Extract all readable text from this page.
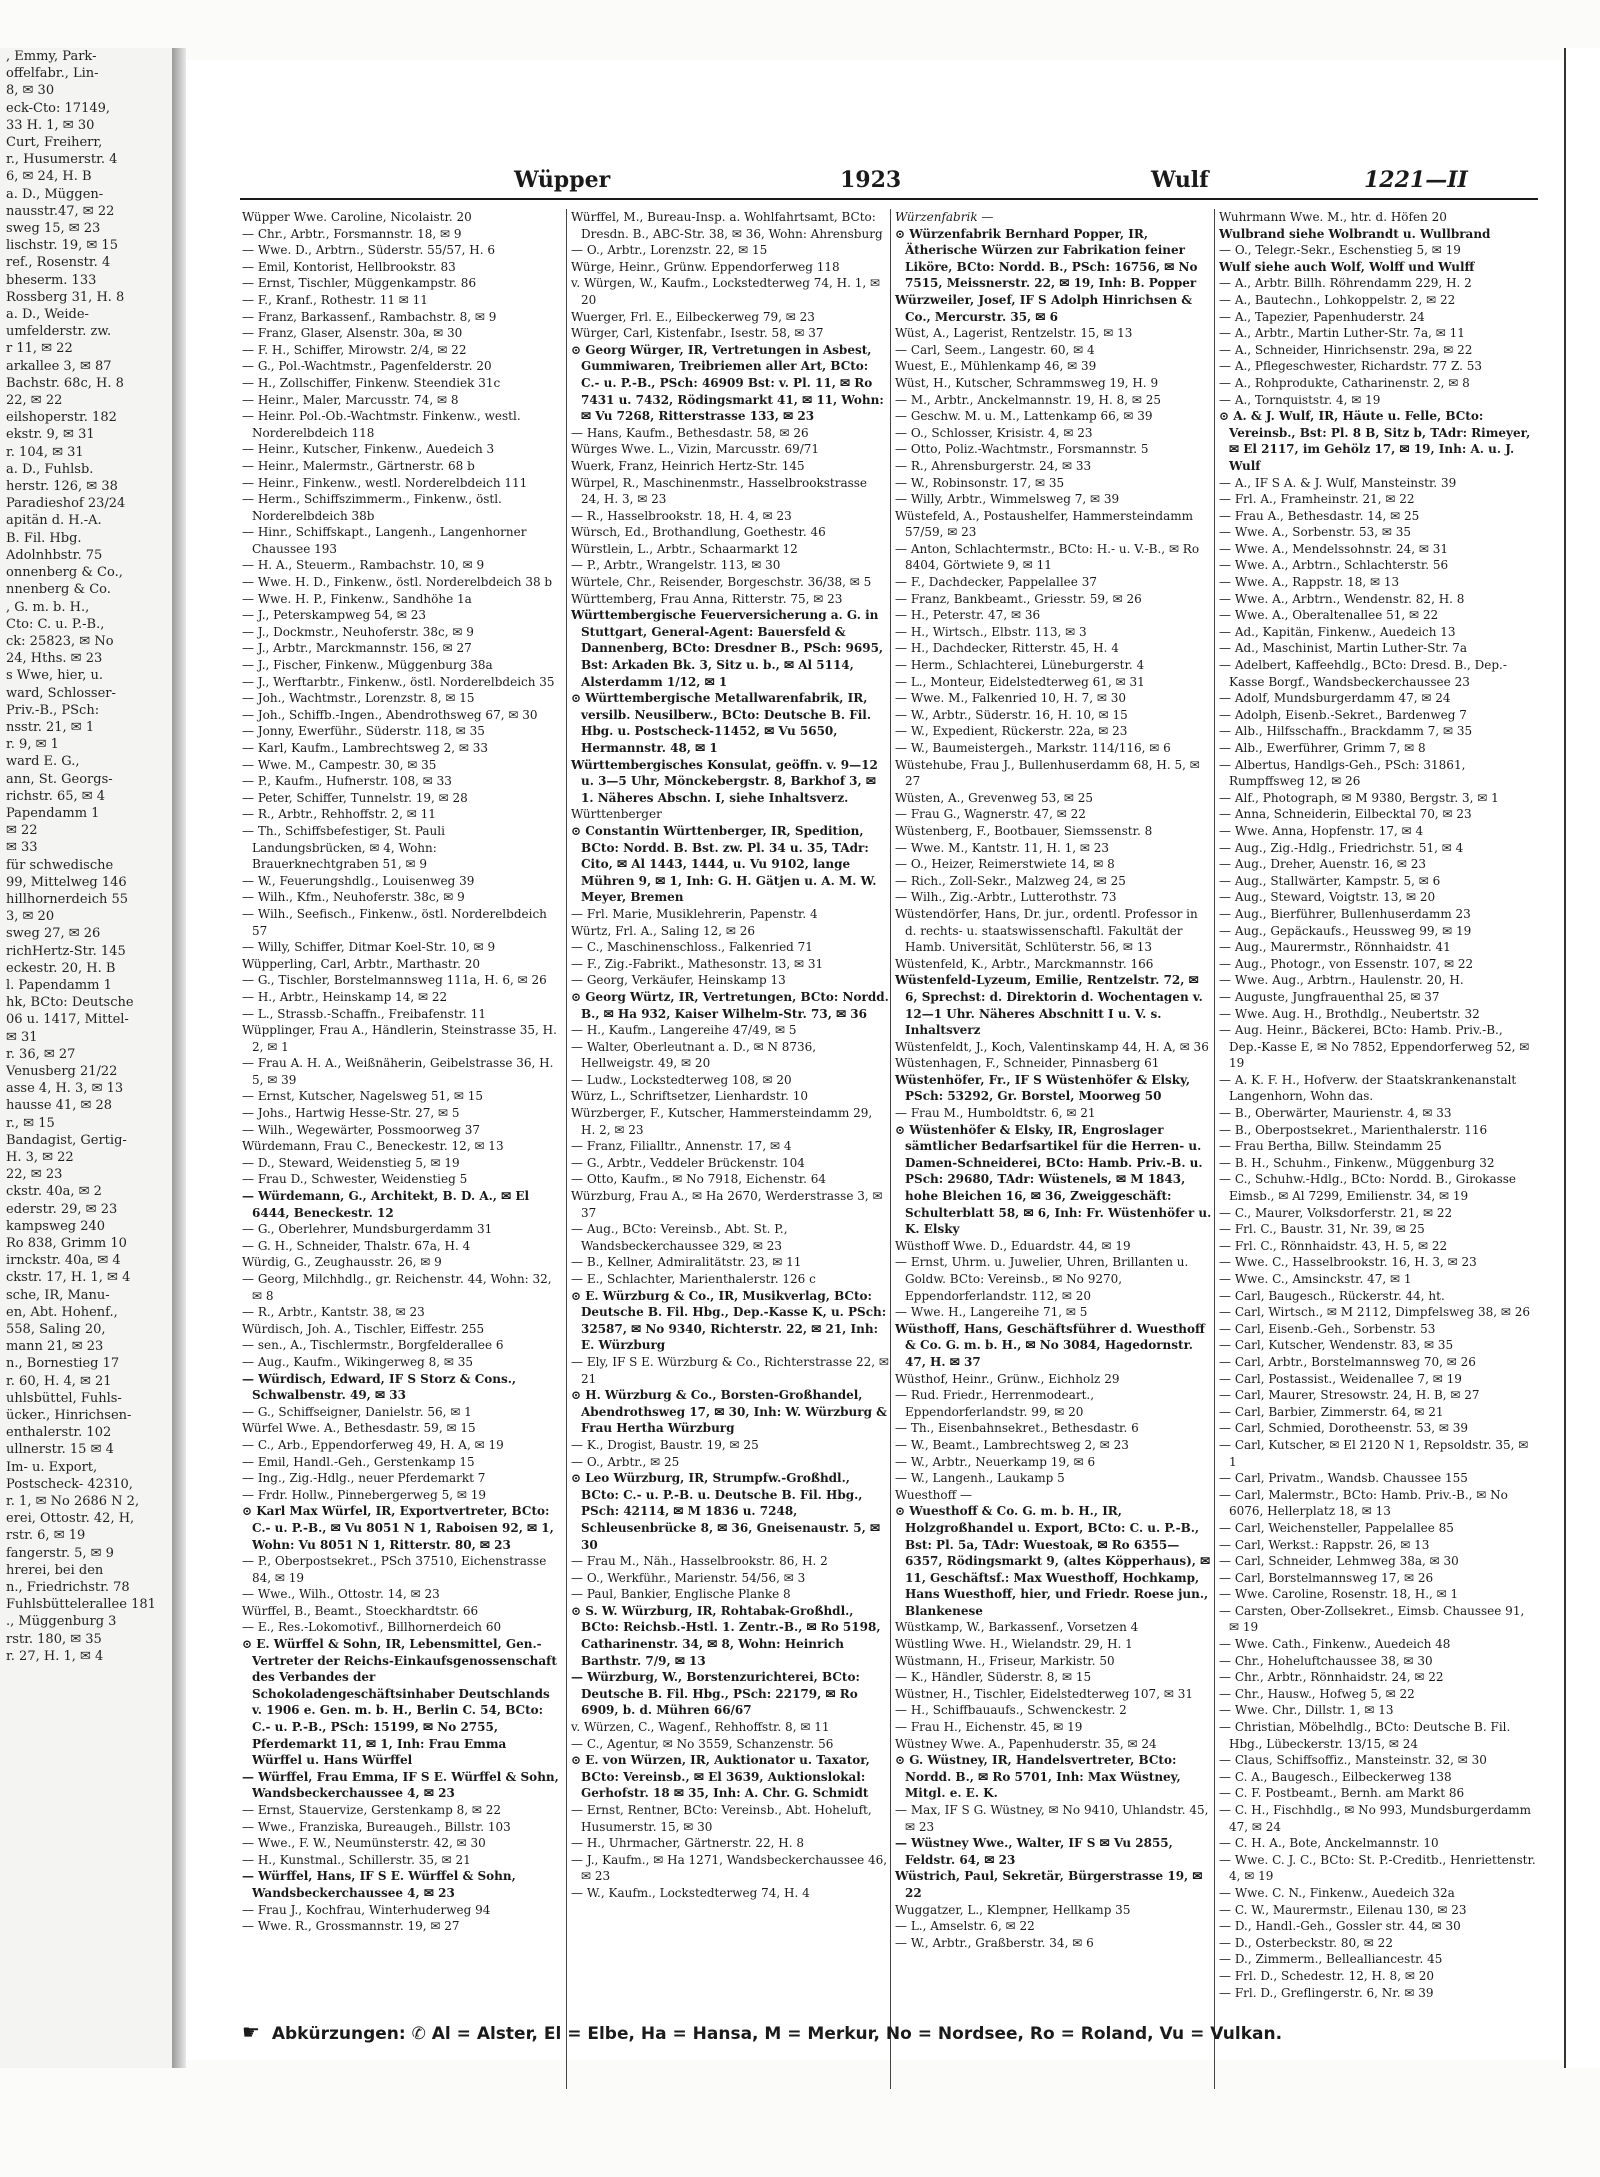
, Emmy, Park-
offelfabr., Lin-
8, ✉ 30
eck-Cto: 17149,
33 H. 1, ✉ 30
Curt, Freiherr,
r., Husumerstr. 4
6, ✉ 24, H. B
a. D., Müggen-
nausstr.47, ✉ 22
sweg 15, ✉ 23
lischstr. 19, ✉ 15
ref., Rosenstr. 4
bheserm. 133
Rossberg 31, H. 8
a. D., Weide-
umfelderstr. zw.
r 11, ✉ 22
arkallee 3, ✉ 87
Bachstr. 68c, H. 8
22, ✉ 22
eilshoperstr. 182
ekstr. 9, ✉ 31
r. 104, ✉ 31
a. D., Fuhlsb.
herstr. 126, ✉ 38
Paradieshof 23/24
apitän d. H.-A.
B. Fil. Hbg.
Adolnhbstr. 75
onnenberg & Co.,
nnenberg & Co.
, G. m. b. H.,
Cto: C. u. P.-B.,
ck: 25823, ✉ No
24, Hths. ✉ 23
s Wwe, hier, u.
ward, Schlosser-
Priv.-B., PSch:
nsstr. 21, ✉ 1
r. 9, ✉ 1
ward E. G.,
ann, St. Georgs-
richstr. 65, ✉ 4
Papendamm 1
✉ 22
✉ 33
für schwedische
99, Mittelweg 146
hillhornerdeich 55
3, ✉ 20
sweg 27, ✉ 26
richHertz-Str. 145
eckestr. 20, H. B
l. Papendamm 1
hk, BCto: Deutsche
06 u. 1417, Mittel-
✉ 31
r. 36, ✉ 27
Venusberg 21/22
asse 4, H. 3, ✉ 13
hausse 41, ✉ 28
r., ✉ 15
Bandagist, Gertig-
H. 3, ✉ 22
22, ✉ 23
ckstr. 40a, ✉ 2
ederstr. 29, ✉ 23
kampsweg 240
Ro 838, Grimm 10
irnckstr. 40a, ✉ 4
ckstr. 17, H. 1, ✉ 4
sche, IR, Manu-
en, Abt. Hohenf.,
558, Saling 20,
mann 21, ✉ 23
n., Bornestieg 17
r. 60, H. 4, ✉ 21
uhlsbüttel, Fuhls-
ücker., Hinrichsen-
enthalerstr. 102
ullnerstr. 15 ✉ 4
Im- u. Export,
Postscheck- 42310,
r. 1, ✉ No 2686 N 2,
erei, Ottostr. 42, H,
rstr. 6, ✉ 19
fangerstr. 5, ✉ 9
hrerei, bei den
n., Friedrichstr. 78
Fuhlsbüttelerallee 181
., Müggenburg 3
rstr. 180, ✉ 35
r. 27, H. 1, ✉ 4
Wüpper	1923	Wulf	1221—II
Wüpper Wwe. Caroline, Nicolaistr. 20
— Chr., Arbtr., Forsmannstr. 18, ✉ 9
— Wwe. D., Arbtrn., Süderstr. 55/57, H. 6
— Emil, Kontorist, Hellbrookstr. 83
— Ernst, Tischler, Müggenkampstr. 86
— F., Kranf., Rothestr. 11 ✉ 11
— Franz, Barkassenf., Rambachstr. 8, ✉ 9
— Franz, Glaser, Alsenstr. 30a, ✉ 30
— F. H., Schiffer, Mirowstr. 2/4, ✉ 22
— G., Pol.-Wachtmstr., Pagenfelderstr. 20
— H., Zollschiffer, Finkenw. Steendiek 31c
— Heinr., Maler, Marcusstr. 74, ✉ 8
— Heinr. Pol.-Ob.-Wachtmstr. Finkenw., westl. Norderelbdeich 118
— Heinr., Kutscher, Finkenw., Auedeich 3
— Heinr., Malermstr., Gärtnerstr. 68 b
— Heinr., Finkenw., westl. Norderelbdeich 111
— Herm., Schiffszimmerm., Finkenw., östl. Norderelbdeich 38b
— Hinr., Schiffskapt., Langenh., Langenhorner Chaussee 193
— H. A., Steuerm., Rambachstr. 10, ✉ 9
— Wwe. H. D., Finkenw., östl. Norderelbdeich 38 b
— Wwe. H. P., Finkenw., Sandhöhe 1a
— J., Peterskampweg 54, ✉ 23
— J., Dockmstr., Neuhoferstr. 38c, ✉ 9
— J., Arbtr., Marckmannstr. 156, ✉ 27
— J., Fischer, Finkenw., Müggenburg 38a
— J., Werftarbtr., Finkenw., östl. Norderelbdeich 35
— Joh., Wachtmstr., Lorenzstr. 8, ✉ 15
— Joh., Schiffb.-Ingen., Abendrothsweg 67, ✉ 30
— Jonny, Ewerführ., Süderstr. 118, ✉ 35
— Karl, Kaufm., Lambrechtsweg 2, ✉ 33
— Wwe. M., Campestr. 30, ✉ 35
— P., Kaufm., Hufnerstr. 108, ✉ 33
— Peter, Schiffer, Tunnelstr. 19, ✉ 28
— R., Arbtr., Rehhoffstr. 2, ✉ 11
— Th., Schiffsbefestiger, St. Pauli Landungsbrücken, ✉ 4, Wohn: Brauerknechtgraben 51, ✉ 9
— W., Feuerungshdlg., Louisenweg 39
— Wilh., Kfm., Neuhoferstr. 38c, ✉ 9
— Wilh., Seefisch., Finkenw., östl. Norderelbdeich 57
— Willy, Schiffer, Ditmar Koel-Str. 10, ✉ 9
Wüpperling, Carl, Arbtr., Marthastr. 20
— G., Tischler, Borstelmannsweg 111a, H. 6, ✉ 26
— H., Arbtr., Heinskamp 14, ✉ 22
— L., Strassb.-Schaffn., Freibafenstr. 11
Wüpplinger, Frau A., Händlerin, Steinstrasse 35, H. 2, ✉ 1
— Frau A. H. A., Weißnäherin, Geibelstrasse 36, H. 5, ✉ 39
— Ernst, Kutscher, Nagelsweg 51, ✉ 15
— Johs., Hartwig Hesse-Str. 27, ✉ 5
— Wilh., Wegewärter, Possmoorweg 37
Würdemann, Frau C., Beneckestr. 12, ✉ 13
— D., Steward, Weidenstieg 5, ✉ 19
— Frau D., Schwester, Weidenstieg 5
— Würdemann, G., Architekt, B. D. A., ✉ El 6444, Beneckestr. 12
— G., Oberlehrer, Mundsburgerdamm 31
— G. H., Schneider, Thalstr. 67a, H. 4
Würdig, G., Zeughausstr. 26, ✉ 9
— Georg, Milchhdlg., gr. Reichenstr. 44, Wohn: 32, ✉ 8
— R., Arbtr., Kantstr. 38, ✉ 23
Würdisch, Joh. A., Tischler, Eiffestr. 255
— sen., A., Tischlermstr., Borgfelderallee 6
— Aug., Kaufm., Wikingerweg 8, ✉ 35
— Würdisch, Edward, IF S Storz & Cons., Schwalbenstr. 49, ✉ 33
— G., Schiffseigner, Danielstr. 56, ✉ 1
Würfel Wwe. A., Bethesdastr. 59, ✉ 15
— C., Arb., Eppendorferweg 49, H. A, ✉ 19
— Emil, Handl.-Geh., Gerstenkamp 15
— Ing., Zig.-Hdlg., neuer Pferdemarkt 7
— Frdr. Hollw., Pinnebergerweg 5, ✉ 19
⊙ Karl Max Würfel, IR, Exportvertreter, BCto: C.- u. P.-B., ✉ Vu 8051 N 1, Raboisen 92, ✉ 1, Wohn: Vu 8051 N 1, Ritterstr. 80, ✉ 23
— P., Oberpostsekret., PSch 37510, Eichenstrasse 84, ✉ 19
— Wwe., Wilh., Ottostr. 14, ✉ 23
Würffel, B., Beamt., Stoeckhardtstr. 66
— E., Res.-Lokomotivf., Billhornerdeich 60
⊙ E. Würffel & Sohn, IR, Lebensmittel, Gen.-Vertreter der Reichs-Einkaufsgenossenschaft des Verbandes der Schokoladengeschäftsinhaber Deutschlands v. 1906 e. Gen. m. b. H., Berlin C. 54, BCto: C.- u. P.-B., PSch: 15199, ✉ No 2755, Pferdemarkt 11, ✉ 1, Inh: Frau Emma Würffel u. Hans Würffel
— Würffel, Frau Emma, IF S E. Würffel & Sohn, Wandsbeckerchaussee 4, ✉ 23
— Ernst, Stauervize, Gerstenkamp 8, ✉ 22
— Wwe., Franziska, Bureaugeh., Billstr. 103
— Wwe., F. W., Neumünsterstr. 42, ✉ 30
— H., Kunstmal., Schillerstr. 35, ✉ 21
— Würffel, Hans, IF S E. Würffel & Sohn, Wandsbeckerchaussee 4, ✉ 23
— Frau J., Kochfrau, Winterhuderweg 94
— Wwe. R., Grossmannstr. 19, ✉ 27
Würffel, M., Bureau-Insp. a. Wohlfahrtsamt, BCto: Dresdn. B., ABC-Str. 38, ✉ 36, Wohn: Ahrensburg
— O., Arbtr., Lorenzstr. 22, ✉ 15
Würge, Heinr., Grünw. Eppendorferweg 118
v. Würgen, W., Kaufm., Lockstedterweg 74, H. 1, ✉ 20
Wuerger, Frl. E., Eilbeckerweg 79, ✉ 23
Würger, Carl, Kistenfabr., Isestr. 58, ✉ 37
⊙ Georg Würger, IR, Vertretungen in Asbest, Gummiwaren, Treibriemen aller Art, BCto: C.- u. P.-B., PSch: 46909 Bst: v. Pl. 11, ✉ Ro 7431 u. 7432, Rödingsmarkt 41, ✉ 11, Wohn: ✉ Vu 7268, Ritterstrasse 133, ✉ 23
— Hans, Kaufm., Bethesdastr. 58, ✉ 26
Würges Wwe. L., Vizin, Marcusstr. 69/71
Wuerk, Franz, Heinrich Hertz-Str. 145
Würpel, R., Maschinenmstr., Hasselbrookstrasse 24, H. 3, ✉ 23
— R., Hasselbrookstr. 18, H. 4, ✉ 23
Würsch, Ed., Brothandlung, Goethestr. 46
Würstlein, L., Arbtr., Schaarmarkt 12
— P., Arbtr., Wrangelstr. 113, ✉ 30
Würtele, Chr., Reisender, Borgeschstr. 36/38, ✉ 5
Württemberg, Frau Anna, Ritterstr. 75, ✉ 23
Württembergische Feuerversicherung a. G. in Stuttgart, General-Agent: Bauersfeld & Dannenberg, BCto: Dresdner B., PSch: 9695, Bst: Arkaden Bk. 3, Sitz u. b., ✉ Al 5114, Alsterdamm 1/12, ✉ 1
⊙ Württembergische Metallwarenfabrik, IR, versilb. Neusilberw., BCto: Deutsche B. Fil. Hbg. u. Postscheck-11452, ✉ Vu 5650, Hermannstr. 48, ✉ 1
Württembergisches Konsulat, geöffn. v. 9—12 u. 3—5 Uhr, Mönckebergstr. 8, Barkhof 3, ✉ 1. Näheres Abschn. I, siehe Inhaltsverz.
Württenberger
⊙ Constantin Württenberger, IR, Spedition, BCto: Nordd. B. Bst. zw. Pl. 34 u. 35, TAdr: Cito, ✉ Al 1443, 1444, u. Vu 9102, lange Mühren 9, ✉ 1, Inh: G. H. Gätjen u. A. M. W. Meyer, Bremen
— Frl. Marie, Musiklehrerin, Papenstr. 4
Würtz, Frl. A., Saling 12, ✉ 26
— C., Maschinenschloss., Falkenried 71
— F., Zig.-Fabrikt., Mathesonstr. 13, ✉ 31
— Georg, Verkäufer, Heinskamp 13
⊙ Georg Würtz, IR, Vertretungen, BCto: Nordd. B., ✉ Ha 932, Kaiser Wilhelm-Str. 73, ✉ 36
— H., Kaufm., Langereihe 47/49, ✉ 5
— Walter, Oberleutnant a. D., ✉ N 8736, Hellweigstr. 49, ✉ 20
— Ludw., Lockstedterweg 108, ✉ 20
Würz, L., Schriftsetzer, Lienhardstr. 10
Würzberger, F., Kutscher, Hammersteindamm 29, H. 2, ✉ 23
— Franz, Filialltr., Annenstr. 17, ✉ 4
— G., Arbtr., Veddeler Brückenstr. 104
— Otto, Kaufm., ✉ No 7918, Eichenstr. 64
Würzburg, Frau A., ✉ Ha 2670, Werderstrasse 3, ✉ 37
— Aug., BCto: Vereinsb., Abt. St. P., Wandsbeckerchaussee 329, ✉ 23
— B., Kellner, Admiralitätstr. 23, ✉ 11
— E., Schlachter, Marienthalerstr. 126 c
⊙ E. Würzburg & Co., IR, Musikverlag, BCto: Deutsche B. Fil. Hbg., Dep.-Kasse K, u. PSch: 32587, ✉ No 9340, Richterstr. 22, ✉ 21, Inh: E. Würzburg
— Ely, IF S E. Würzburg & Co., Richterstrasse 22, ✉ 21
⊙ H. Würzburg & Co., Borsten-Großhandel, Abendrothsweg 17, ✉ 30, Inh: W. Würzburg & Frau Hertha Würzburg
— K., Drogist, Baustr. 19, ✉ 25
— O., Arbtr., ✉ 25
⊙ Leo Würzburg, IR, Strumpfw.-Großhdl., BCto: C.- u. P.-B. u. Deutsche B. Fil. Hbg., PSch: 42114, ✉ M 1836 u. 7248, Schleusenbrücke 8, ✉ 36, Gneisenaustr. 5, ✉ 30
— Frau M., Näh., Hasselbrookstr. 86, H. 2
— O., Werkführ., Marienstr. 54/56, ✉ 3
— Paul, Bankier, Englische Planke 8
⊙ S. W. Würzburg, IR, Rohtabak-Großhdl., BCto: Reichsb.-Hstl. 1. Zentr.-B., ✉ Ro 5198, Catharinenstr. 34, ✉ 8, Wohn: Heinrich Barthstr. 7/9, ✉ 13
— Würzburg, W., Borstenzurichterei, BCto: Deutsche B. Fil. Hbg., PSch: 22179, ✉ Ro 6909, b. d. Mühren 66/67
v. Würzen, C., Wagenf., Rehhoffstr. 8, ✉ 11
— C., Agentur, ✉ No 3559, Schanzenstr. 56
⊙ E. von Würzen, IR, Auktionator u. Taxator, BCto: Vereinsb., ✉ El 3639, Auktionslokal: Gerhofstr. 18 ✉ 35, Inh: A. Chr. G. Schmidt
— Ernst, Rentner, BCto: Vereinsb., Abt. Hoheluft, Husumerstr. 15, ✉ 30
— H., Uhrmacher, Gärtnerstr. 22, H. 8
— J., Kaufm., ✉ Ha 1271, Wandsbeckerchaussee 46, ✉ 23
— W., Kaufm., Lockstedterweg 74, H. 4
Würzenfabrik —
⊙ Würzenfabrik Bernhard Popper, IR, Ätherische Würzen zur Fabrikation feiner Liköre, BCto: Nordd. B., PSch: 16756, ✉ No 7515, Meissnerstr. 22, ✉ 19, Inh: B. Popper
Würzweiler, Josef, IF S Adolph Hinrichsen & Co., Mercurstr. 35, ✉ 6
Wüst, A., Lagerist, Rentzelstr. 15, ✉ 13
— Carl, Seem., Langestr. 60, ✉ 4
Wuest, E., Mühlenkamp 46, ✉ 39
Wüst, H., Kutscher, Schrammsweg 19, H. 9
— M., Arbtr., Anckelmannstr. 19, H. 8, ✉ 25
— Geschw. M. u. M., Lattenkamp 66, ✉ 39
— O., Schlosser, Krisistr. 4, ✉ 23
— Otto, Poliz.-Wachtmstr., Forsmannstr. 5
— R., Ahrensburgerstr. 24, ✉ 33
— W., Robinsonstr. 17, ✉ 35
— Willy, Arbtr., Wimmelsweg 7, ✉ 39
Wüstefeld, A., Postaushelfer, Hammersteindamm 57/59, ✉ 23
— Anton, Schlachtermstr., BCto: H.- u. V.-B., ✉ Ro 8404, Görtwiete 9, ✉ 11
— F., Dachdecker, Pappelallee 37
— Franz, Bankbeamt., Griesstr. 59, ✉ 26
— H., Peterstr. 47, ✉ 36
— H., Wirtsch., Elbstr. 113, ✉ 3
— H., Dachdecker, Ritterstr. 45, H. 4
— Herm., Schlachterei, Lüneburgerstr. 4
— L., Monteur, Eidelstedterweg 61, ✉ 31
— Wwe. M., Falkenried 10, H. 7, ✉ 30
— W., Arbtr., Süderstr. 16, H. 10, ✉ 15
— W., Expedient, Rückerstr. 22a, ✉ 23
— W., Baumeistergeh., Markstr. 114/116, ✉ 6
Wüstehube, Frau J., Bullenhuserdamm 68, H. 5, ✉ 27
Wüsten, A., Grevenweg 53, ✉ 25
— Frau G., Wagnerstr. 47, ✉ 22
Wüstenberg, F., Bootbauer, Siemssenstr. 8
— Wwe. M., Kantstr. 11, H. 1, ✉ 23
— O., Heizer, Reimerstwiete 14, ✉ 8
— Rich., Zoll-Sekr., Malzweg 24, ✉ 25
— Wilh., Zig.-Arbtr., Lutterothstr. 73
Wüstendörfer, Hans, Dr. jur., ordentl. Professor in d. rechts- u. staatswissenschaftl. Fakultät der Hamb. Universität, Schlüterstr. 56, ✉ 13
Wüstenfeld, K., Arbtr., Marckmannstr. 166
Wüstenfeld-Lyzeum, Emilie, Rentzelstr. 72, ✉ 6, Sprechst: d. Direktorin d. Wochentagen v. 12—1 Uhr. Näheres Abschnitt I u. V. s. Inhaltsverz
Wüstenfeldt, J., Koch, Valentinskamp 44, H. A, ✉ 36
Wüstenhagen, F., Schneider, Pinnasberg 61
Wüstenhöfer, Fr., IF S Wüstenhöfer & Elsky, PSch: 53292, Gr. Borstel, Moorweg 50
— Frau M., Humboldtstr. 6, ✉ 21
⊙ Wüstenhöfer & Elsky, IR, Engroslager sämtlicher Bedarfsartikel für die Herren- u. Damen-Schneiderei, BCto: Hamb. Priv.-B. u. PSch: 29680, TAdr: Wüstenels, ✉ M 1843, hohe Bleichen 16, ✉ 36, Zweiggeschäft: Schulterblatt 58, ✉ 6, Inh: Fr. Wüstenhöfer u. K. Elsky
Wüsthoff Wwe. D., Eduardstr. 44, ✉ 19
— Ernst, Uhrm. u. Juwelier, Uhren, Brillanten u. Goldw. BCto: Vereinsb., ✉ No 9270, Eppendorferlandstr. 112, ✉ 20
— Wwe. H., Langereihe 71, ✉ 5
Wüsthoff, Hans, Geschäftsführer d. Wuesthoff & Co. G. m. b. H., ✉ No 3084, Hagedornstr. 47, H. ✉ 37
Wüsthof, Heinr., Grünw., Eichholz 29
— Rud. Friedr., Herrenmodeart., Eppendorferlandstr. 99, ✉ 20
— Th., Eisenbahnsekret., Bethesdastr. 6
— W., Beamt., Lambrechtsweg 2, ✉ 23
— W., Arbtr., Neuerkamp 19, ✉ 6
— W., Langenh., Laukamp 5
Wuesthoff —
⊙ Wuesthoff & Co. G. m. b. H., IR, Holzgroßhandel u. Export, BCto: C. u. P.-B., Bst: Pl. 5a, TAdr: Wuestoak, ✉ Ro 6355—6357, Rödingsmarkt 9, (altes Köpperhaus), ✉ 11, Geschäftsf.: Max Wuesthoff, Hochkamp, Hans Wuesthoff, hier, und Friedr. Roese jun., Blankenese
Wüstkamp, W., Barkassenf., Vorsetzen 4
Wüstling Wwe. H., Wielandstr. 29, H. 1
Wüstmann, H., Friseur, Markistr. 50
— K., Händler, Süderstr. 8, ✉ 15
Wüstner, H., Tischler, Eidelstedterweg 107, ✉ 31
— H., Schiffbauaufs., Schwenckestr. 2
— Frau H., Eichenstr. 45, ✉ 19
Wüstney Wwe. A., Papenhuderstr. 35, ✉ 24
⊙ G. Wüstney, IR, Handelsvertreter, BCto: Nordd. B., ✉ Ro 5701, Inh: Max Wüstney, Mitgl. e. E. K.
— Max, IF S G. Wüstney, ✉ No 9410, Uhlandstr. 45, ✉ 23
— Wüstney Wwe., Walter, IF S ✉ Vu 2855, Feldstr. 64, ✉ 23
Wüstrich, Paul, Sekretär, Bürgerstrasse 19, ✉ 22
Wuggatzer, L., Klempner, Hellkamp 35
— L., Amselstr. 6, ✉ 22
— W., Arbtr., Graßberstr. 34, ✉ 6
Wuhrmann Wwe. M., htr. d. Höfen 20
Wulbrand siehe Wolbrandt u. Wullbrand
— O., Telegr.-Sekr., Eschenstieg 5, ✉ 19
Wulf siehe auch Wolf, Wolff und Wulff
— A., Arbtr. Billh. Röhrendamm 229, H. 2
— A., Bautechn., Lohkoppelstr. 2, ✉ 22
— A., Tapezier, Papenhuderstr. 24
— A., Arbtr., Martin Luther-Str. 7a, ✉ 11
— A., Schneider, Hinrichsenstr. 29a, ✉ 22
— A., Pflegeschwester, Richardstr. 77 Z. 53
— A., Rohprodukte, Catharinenstr. 2, ✉ 8
— A., Tornquiststr. 4, ✉ 19
⊙ A. & J. Wulf, IR, Häute u. Felle, BCto: Vereinsb., Bst: Pl. 8 B, Sitz b, TAdr: Rimeyer, ✉ El 2117, im Gehölz 17, ✉ 19, Inh: A. u. J. Wulf
— A., IF S A. & J. Wulf, Mansteinstr. 39
— Frl. A., Framheinstr. 21, ✉ 22
— Frau A., Bethesdastr. 14, ✉ 25
— Wwe. A., Sorbenstr. 53, ✉ 35
— Wwe. A., Mendelssohnstr. 24, ✉ 31
— Wwe. A., Arbtrn., Schlachterstr. 56
— Wwe. A., Rappstr. 18, ✉ 13
— Wwe. A., Arbtrn., Wendenstr. 82, H. 8
— Wwe. A., Oberaltenallee 51, ✉ 22
— Ad., Kapitän, Finkenw., Auedeich 13
— Ad., Maschinist, Martin Luther-Str. 7a
— Adelbert, Kaffeehdlg., BCto: Dresd. B., Dep.-Kasse Borgf., Wandsbeckerchaussee 23
— Adolf, Mundsburgerdamm 47, ✉ 24
— Adolph, Eisenb.-Sekret., Bardenweg 7
— Alb., Hilfsschaffn., Brackdamm 7, ✉ 35
— Alb., Ewerführer, Grimm 7, ✉ 8
— Albertus, Handlgs-Geh., PSch: 31861, Rumpffsweg 12, ✉ 26
— Alf., Photograph, ✉ M 9380, Bergstr. 3, ✉ 1
— Anna, Schneiderin, Eilbecktal 70, ✉ 23
— Wwe. Anna, Hopfenstr. 17, ✉ 4
— Aug., Zig.-Hdlg., Friedrichstr. 51, ✉ 4
— Aug., Dreher, Auenstr. 16, ✉ 23
— Aug., Stallwärter, Kampstr. 5, ✉ 6
— Aug., Steward, Voigtstr. 13, ✉ 20
— Aug., Bierführer, Bullenhuserdamm 23
— Aug., Gepäckaufs., Heussweg 99, ✉ 19
— Aug., Maurermstr., Rönnhaidstr. 41
— Aug., Photogr., von Essenstr. 107, ✉ 22
— Wwe. Aug., Arbtrn., Haulenstr. 20, H.
— Auguste, Jungfrauenthal 25, ✉ 37
— Wwe. Aug. H., Brothdlg., Neubertstr. 32
— Aug. Heinr., Bäckerei, BCto: Hamb. Priv.-B., Dep.-Kasse E, ✉ No 7852, Eppendorferweg 52, ✉ 19
— A. K. F. H., Hofverw. der Staatskrankenanstalt Langenhorn, Wohn das.
— B., Oberwärter, Maurienstr. 4, ✉ 33
— B., Oberpostsekret., Marienthalerstr. 116
— Frau Bertha, Billw. Steindamm 25
— B. H., Schuhm., Finkenw., Müggenburg 32
— C., Schuhw.-Hdlg., BCto: Nordd. B., Girokasse Eimsb., ✉ Al 7299, Emilienstr. 34, ✉ 19
— C., Maurer, Volksdorferstr. 21, ✉ 22
— Frl. C., Baustr. 31, Nr. 39, ✉ 25
— Frl. C., Rönnhaidstr. 43, H. 5, ✉ 22
— Wwe. C., Hasselbrookstr. 16, H. 3, ✉ 23
— Wwe. C., Amsinckstr. 47, ✉ 1
— Carl, Baugesch., Rückerstr. 44, ht.
— Carl, Wirtsch., ✉ M 2112, Dimpfelsweg 38, ✉ 26
— Carl, Eisenb.-Geh., Sorbenstr. 53
— Carl, Kutscher, Wendenstr. 83, ✉ 35
— Carl, Arbtr., Borstelmannsweg 70, ✉ 26
— Carl, Postassist., Weidenallee 7, ✉ 19
— Carl, Maurer, Stresowstr. 24, H. B, ✉ 27
— Carl, Barbier, Zimmerstr. 64, ✉ 21
— Carl, Schmied, Dorotheenstr. 53, ✉ 39
— Carl, Kutscher, ✉ El 2120 N 1, Repsoldstr. 35, ✉ 1
— Carl, Privatm., Wandsb. Chaussee 155
— Carl, Malermstr., BCto: Hamb. Priv.-B., ✉ No 6076, Hellerplatz 18, ✉ 13
— Carl, Weichensteller, Pappelallee 85
— Carl, Werkst.: Rappstr. 26, ✉ 13
— Carl, Schneider, Lehmweg 38a, ✉ 30
— Carl, Borstelmannsweg 17, ✉ 26
— Wwe. Caroline, Rosenstr. 18, H., ✉ 1
— Carsten, Ober-Zollsekret., Eimsb. Chaussee 91, ✉ 19
— Wwe. Cath., Finkenw., Auedeich 48
— Chr., Hoheluftchaussee 38, ✉ 30
— Chr., Arbtr., Rönnhaidstr. 24, ✉ 22
— Chr., Hausw., Hofweg 5, ✉ 22
— Wwe. Chr., Dillstr. 1, ✉ 13
— Christian, Möbelhdlg., BCto: Deutsche B. Fil. Hbg., Lübeckerstr. 13/15, ✉ 24
— Claus, Schiffsoffiz., Mansteinstr. 32, ✉ 30
— C. A., Baugesch., Eilbeckerweg 138
— C. F. Postbeamt., Bernh. am Markt 86
— C. H., Fischhdlg., ✉ No 993, Mundsburgerdamm 47, ✉ 24
— C. H. A., Bote, Anckelmannstr. 10
— Wwe. C. J. C., BCto: St. P.-Creditb., Henriettenstr. 4, ✉ 19
— Wwe. C. N., Finkenw., Auedeich 32a
— C. W., Maurermstr., Eilenau 130, ✉ 23
— D., Handl.-Geh., Gossler str. 44, ✉ 30
— D., Osterbeckstr. 80, ✉ 22
— D., Zimmerm., Bellealliancestr. 45
— Frl. D., Schedestr. 12, H. 8, ✉ 20
— Frl. D., Greflingerstr. 6, Nr. ✉ 39
☛ Abkürzungen: ✆ Al = Alster, El = Elbe, Ha = Hansa, M = Merkur, No = Nordsee, Ro = Roland, Vu = Vulkan.
